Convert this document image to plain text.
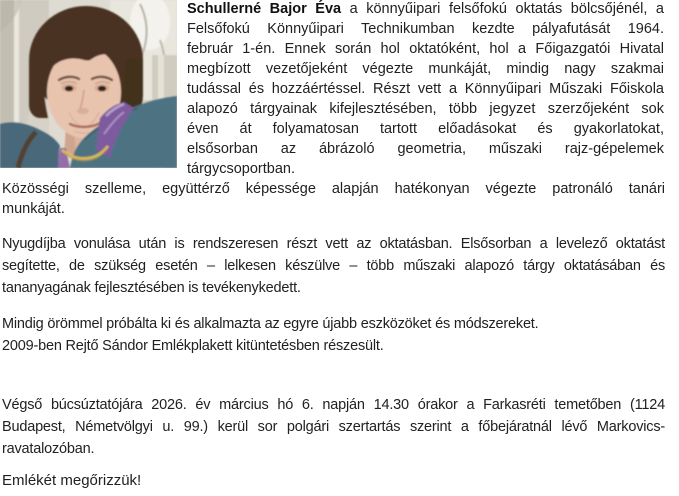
Schullerné Bajor Éva a könnyűipari felsőfokú oktatás bölcsőjénél, a
Felsőfokú Könnyűipari Technikumban kezdte pályafutását 1964.
február 1-én. Ennek során hol oktatóként, hol a Főigazgatói Hivatal
megbízott vezetőjeként végezte munkáját, mindig nagy szakmai
tudással és hozzáértéssel. Részt vett a Könnyűipari Műszaki Főiskola
alapozó tárgyainak kifejlesztésében, több jegyzet szerzőjeként sok
éven át folyamatosan tartott előadásokat és gyakorlatokat,
elsősorban az ábrázoló geometria, műszaki rajz-gépelemek
tárgycsoportban.
Közösségi szelleme, együttérző képessége alapján hatékonyan végezte patronáló tanári
munkáját.
Nyugdíjba vonulása után is rendszeresen részt vett az oktatásban. Elsősorban a levelező oktatást
segítette, de szükség esetén – lelkesen készülve – több műszaki alapozó tárgy oktatásában és
tananyagának fejlesztésében is tevékenykedett.
Mindig örömmel próbálta ki és alkalmazta az egyre újabb eszközöket és módszereket.
2009-ben Rejtő Sándor Emlékplakett kitüntetésben részesült.
Végső búcsúztatójára 2026. év március hó 6. napján 14.30 órakor a Farkasréti temetőben (1124
Budapest, Németvölgyi u. 99.) kerül sor polgári szertartás szerint a főbejáratnál lévő Markovics-
ravatalozóban.
Emlékét megőrizzük!
